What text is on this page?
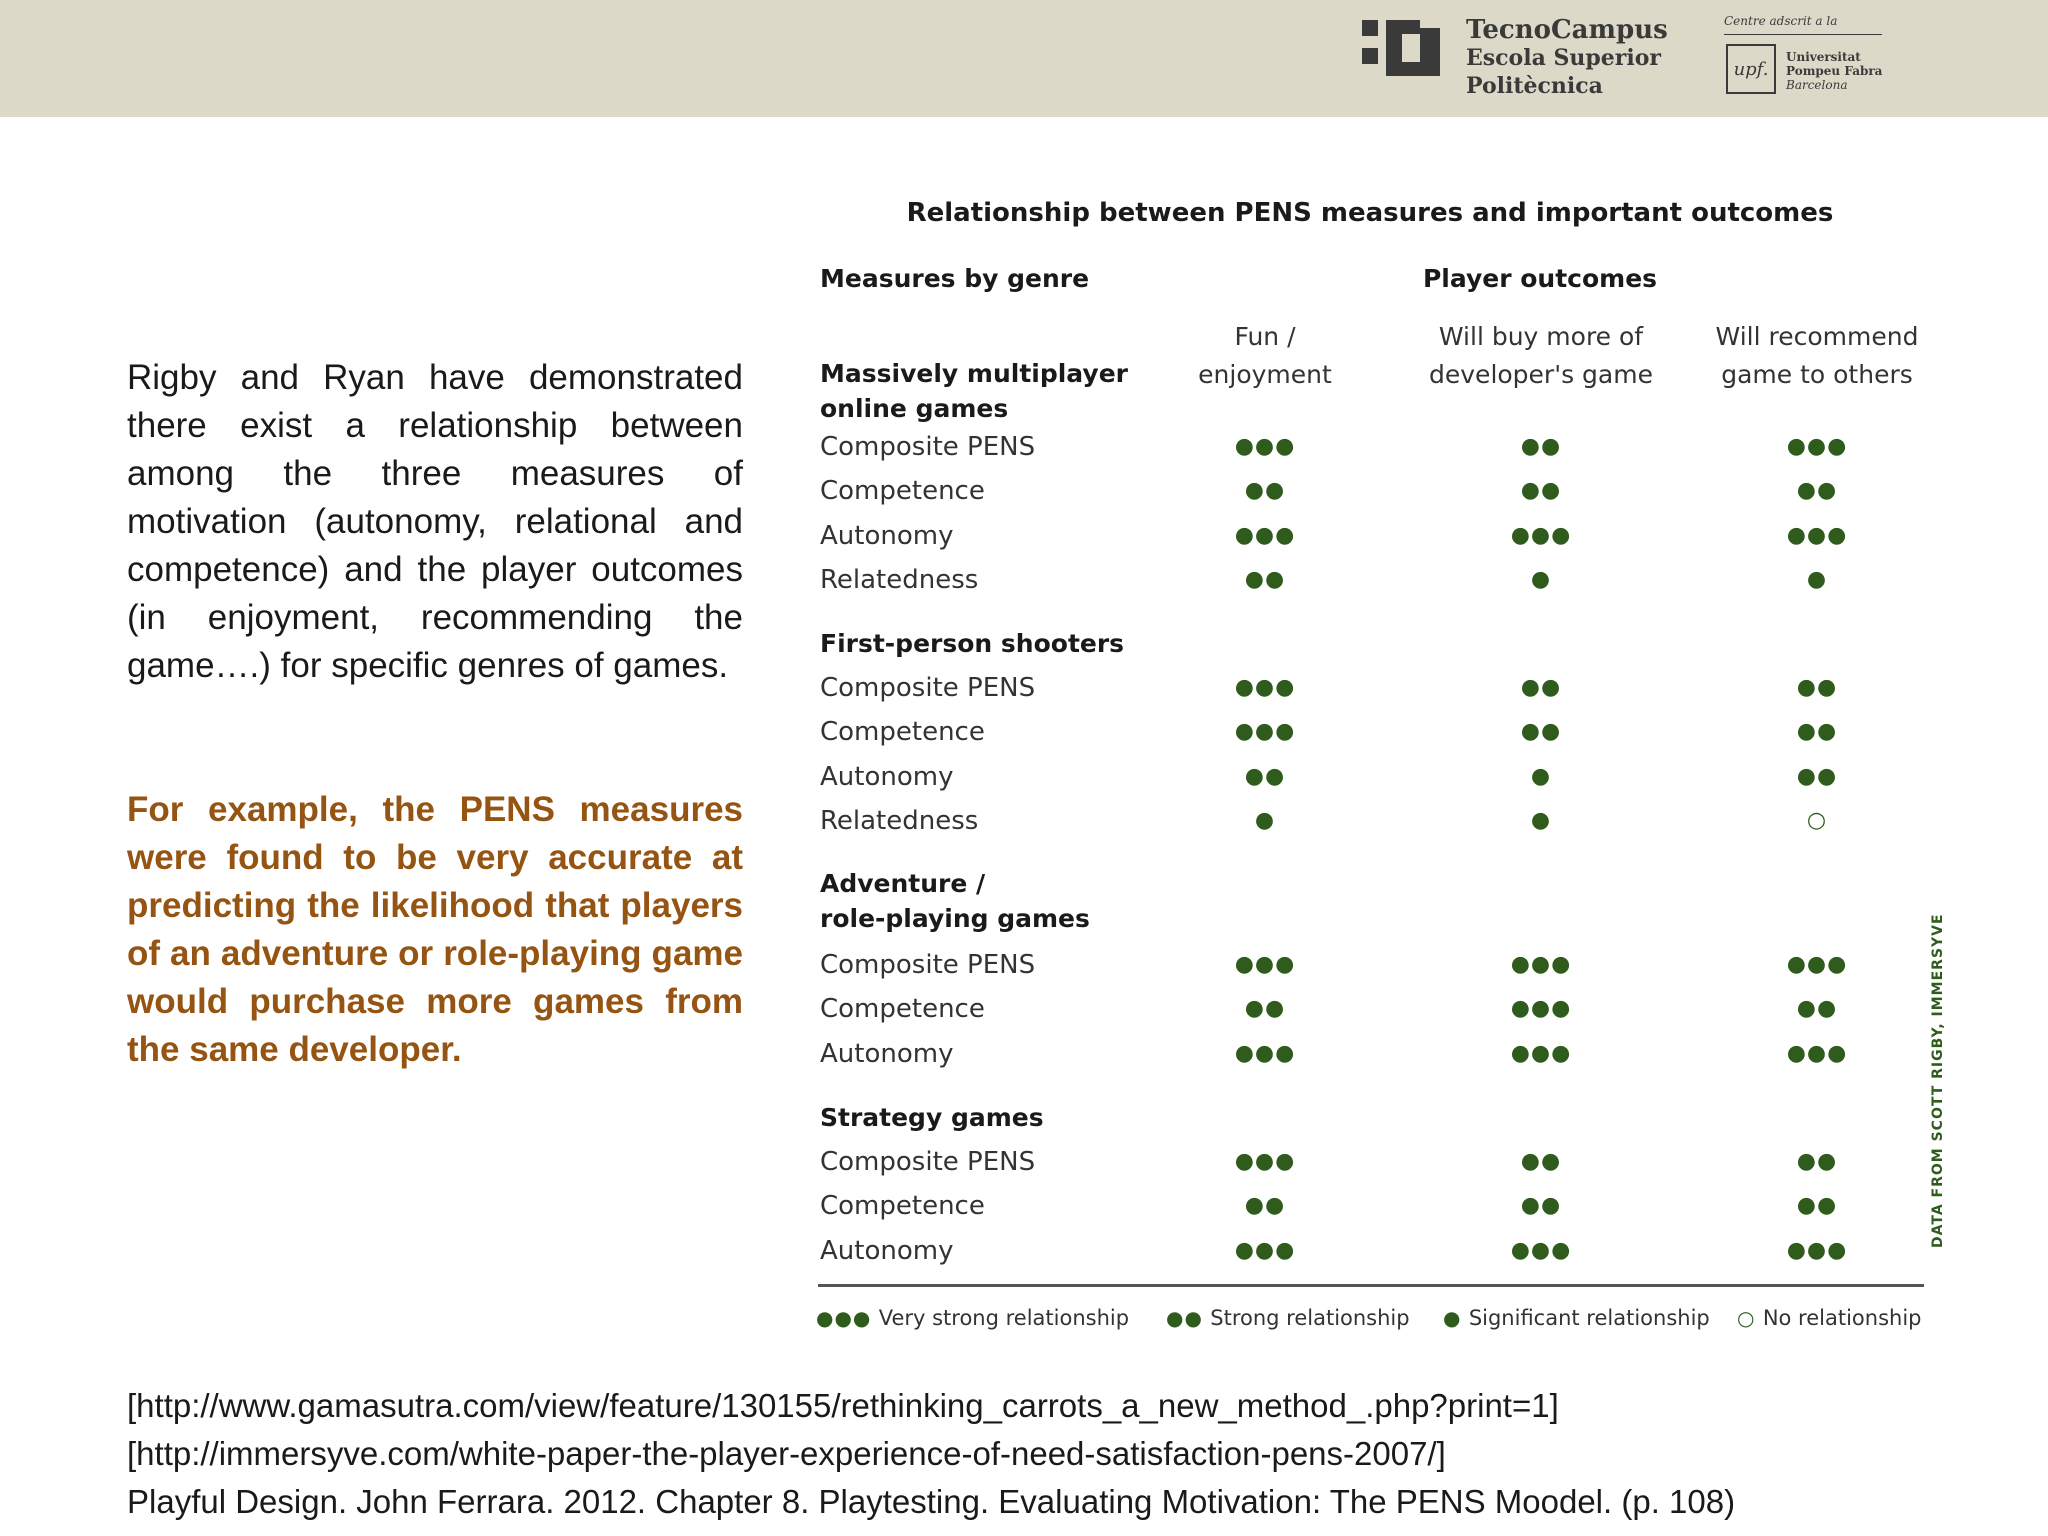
TecnoCampus
Escola Superior
Politècnica
Centre adscrit a la
upf.
Universitat
Pompeu Fabra
Barcelona

Rigby and Ryan have demonstrated there exist a relationship between among the three measures of motivation (autonomy, relational and competence) and the player outcomes (in enjoyment, recommending the game….) for specific genres of games.

For example, the PENS measures were found to be very accurate at predicting the likelihood that players of an adventure or role-playing game would purchase more games from the same developer.

Relationship between PENS measures and important outcomes
Measures by genre	Player outcomes
DATA FROM SCOTT RIGBY, IMMERSYVE
Fun /
enjoyment
Will buy more of
developer's game
Will recommend
game to others
Massively multiplayer
online games
Composite PENS	●●●	●●	●●●
Competence	●●	●●	●●
Autonomy	●●●	●●●	●●●
Relatedness	●●	●	●
First-person shooters
Composite PENS	●●●	●●	●●
Competence	●●●	●●	●●
Autonomy	●●	●	●●
Relatedness	●	●	○
Adventure /
role-playing games
Composite PENS	●●●	●●●	●●●
Competence	●●	●●●	●●
Autonomy	●●●	●●●	●●●
Strategy games
Composite PENS	●●●	●●	●●
Competence	●●	●●	●●
Autonomy	●●●	●●●	●●●
●●● Very strong relationship ●● Strong relationship ● Significant relationship ○ No relationship
[http://www.gamasutra.com/view/feature/130155/rethinking_carrots_a_new_method_.php?print=1]
[http://immersyve.com/white-paper-the-player-experience-of-need-satisfaction-pens-2007/]
Playful Design. John Ferrara. 2012. Chapter 8. Playtesting. Evaluating Motivation: The PENS Moodel. (p. 108)
